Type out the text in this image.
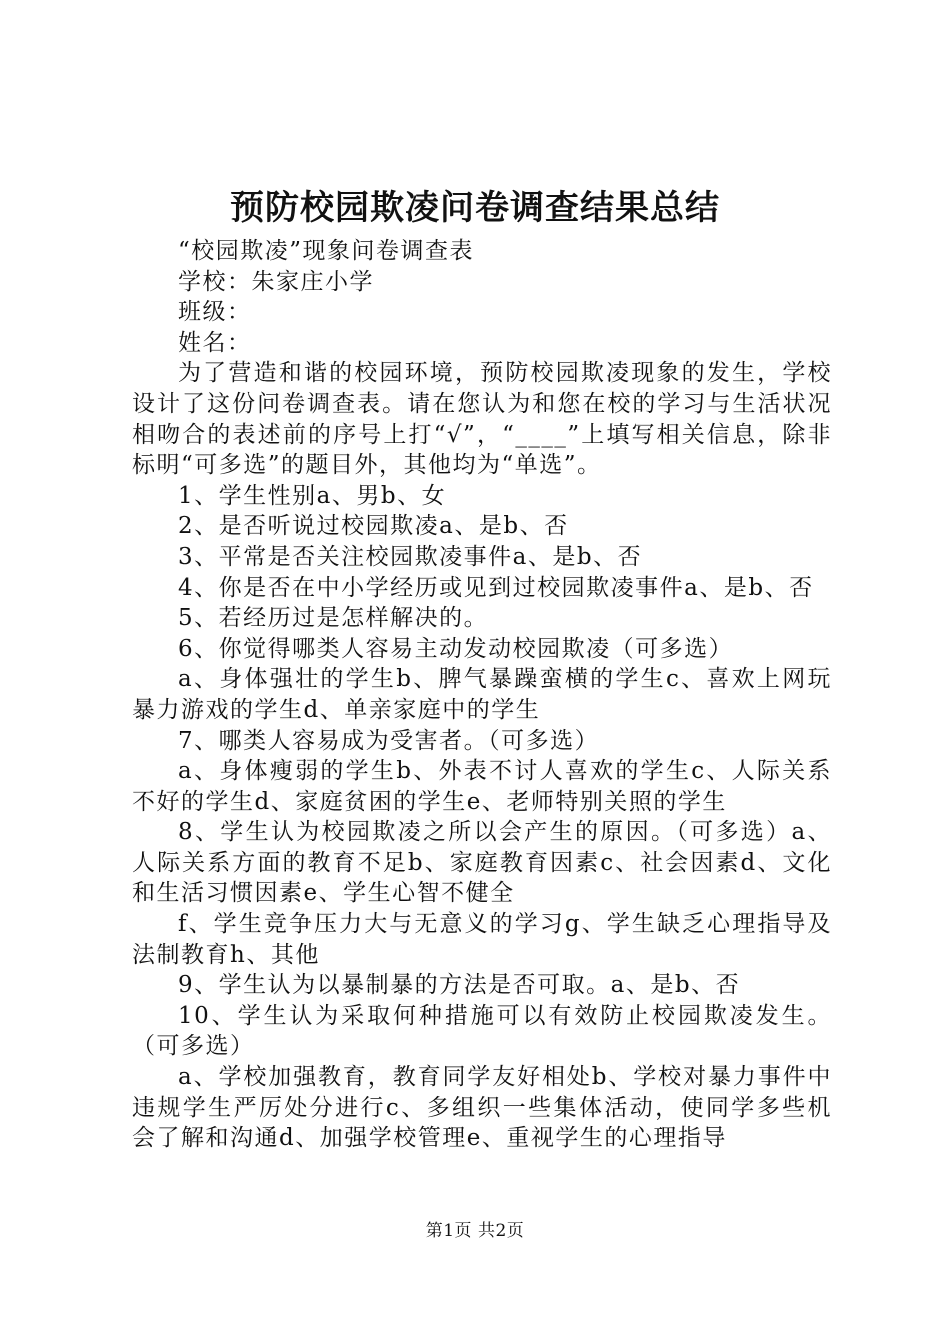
预防校园欺凌问卷调查结果总结

“校园欺凌”现象问卷调查表

学校：朱家庄小学

班级：

姓名：

为了营造和谐的校园环境，预防校园欺凌现象的发生，学校设计了这份问卷调查表。请在您认为和您在校的学习与生活状况相吻合的表述前的序号上打“√”，“____”上填写相关信息，除非标明“可多选”的题目外，其他均为“单选”。

1、学生性别a、男b、女

2、是否听说过校园欺凌a、是b、否

3、平常是否关注校园欺凌事件a、是b、否

4、你是否在中小学经历或见到过校园欺凌事件a、是b、否

5、若经历过是怎样解决的。

6、你觉得哪类人容易主动发动校园欺凌（可多选）

a、身体强壮的学生b、脾气暴躁蛮横的学生c、喜欢上网玩暴力游戏的学生d、单亲家庭中的学生

7、哪类人容易成为受害者。（可多选）

a、身体瘦弱的学生b、外表不讨人喜欢的学生c、人际关系不好的学生d、家庭贫困的学生e、老师特别关照的学生

8、学生认为校园欺凌之所以会产生的原因。（可多选）a、人际关系方面的教育不足b、家庭教育因素c、社会因素d、文化和生活习惯因素e、学生心智不健全

f、学生竞争压力大与无意义的学习g、学生缺乏心理指导及法制教育h、其他

9、学生认为以暴制暴的方法是否可取。a、是b、否

10、学生认为采取何种措施可以有效防止校园欺凌发生。（可多选）

a、学校加强教育，教育同学友好相处b、学校对暴力事件中违规学生严厉处分进行c、多组织一些集体活动，使同学多些机会了解和沟通d、加强学校管理e、重视学生的心理指导

第1页 共2页
